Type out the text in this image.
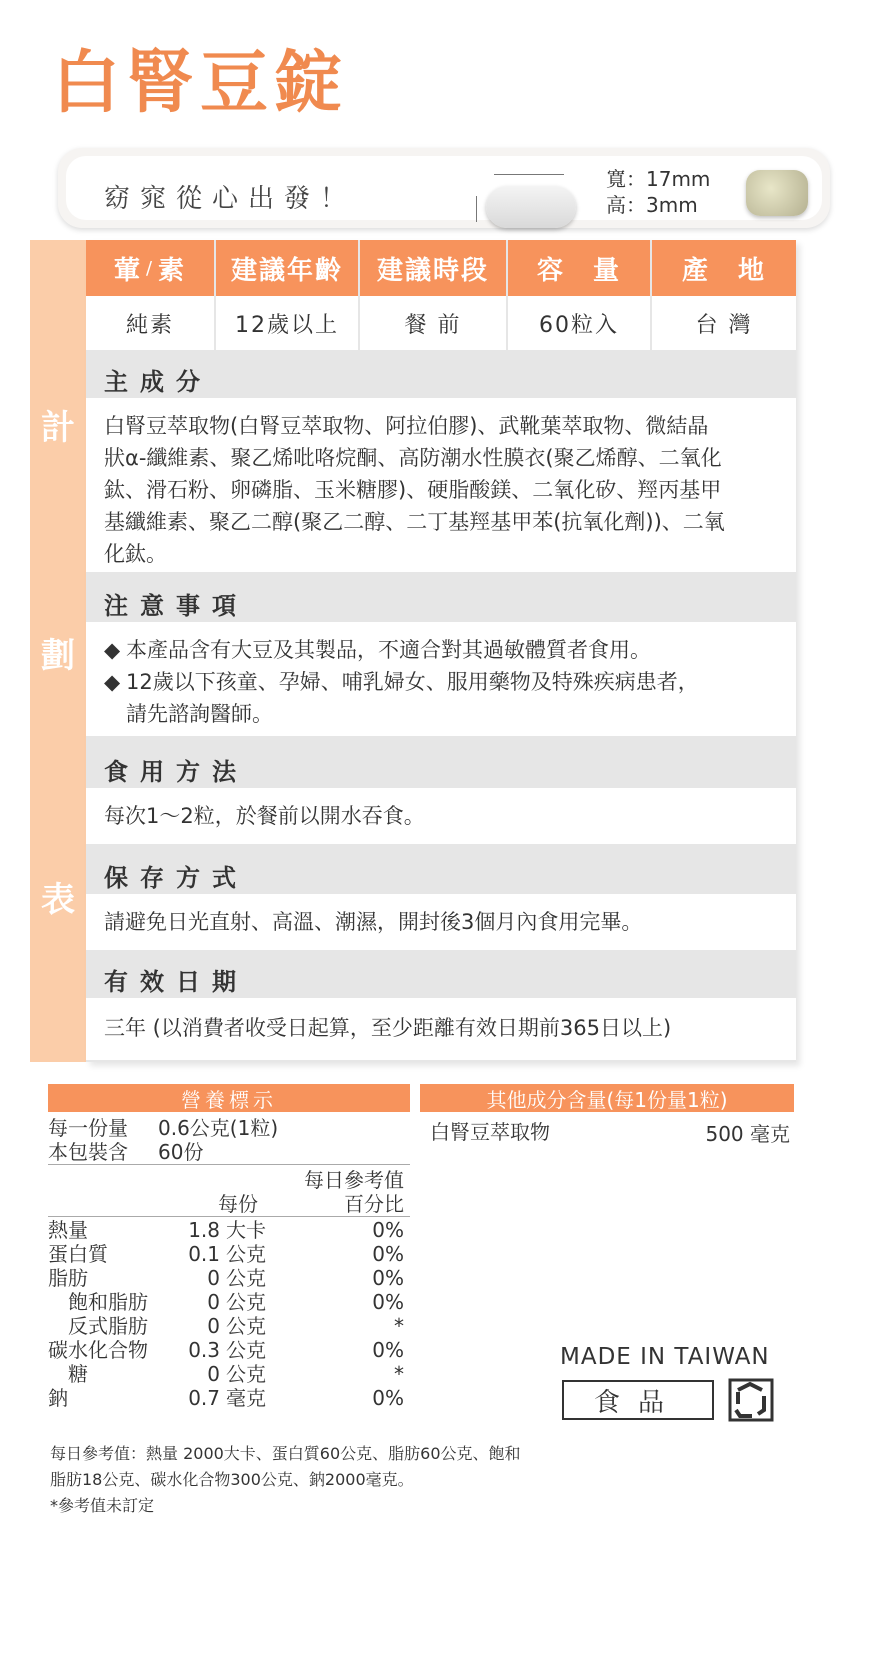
白腎豆錠
窈窕從心出發！
寬：17mm
高：3mm
計
劃
表
葷 / 素	建議年齡	建議時段	容　量	產　地
純素	12歲以上	餐 前	60粒入	台 灣
主成分
白腎豆萃取物(白腎豆萃取物、阿拉伯膠)、武靴葉萃取物、微結晶
狀α-纖維素、聚乙烯吡咯烷酮、高防潮水性膜衣(聚乙烯醇、二氧化
鈦、滑石粉、卵磷脂、玉米糖膠)、硬脂酸鎂、二氧化矽、羥丙基甲
基纖維素、聚乙二醇(聚乙二醇、二丁基羥基甲苯(抗氧化劑))、二氧
化鈦。
注意事項
◆ 本產品含有大豆及其製品，不適合對其過敏體質者食用。
◆ 12歲以下孩童、孕婦、哺乳婦女、服用藥物及特殊疾病患者，
請先諮詢醫師。
食用方法
每次1～2粒，於餐前以開水吞食。
保存方式
請避免日光直射、高溫、潮濕，開封後3個月內食用完畢。
有效日期
三年 (以消費者收受日起算，至少距離有效日期前365日以上)
營養標示
每一份量 0.6公克(1粒)
本包裝含 60份
每日參考值
百分比
每份
熱量	1.8 大卡	0%
蛋白質	0.1 公克	0%
脂肪	0 公克	0%
飽和脂肪	0 公克	0%
反式脂肪	0 公克	*
碳水化合物	0.3 公克	0%
糖	0 公克	*
鈉	0.7 毫克	0%
其他成分含量(每1份量1粒)
白腎豆萃取物	500 毫克
MADE IN TAIWAN
食品
每日參考值：熱量 2000大卡、蛋白質60公克、脂肪60公克、飽和
脂肪18公克、碳水化合物300公克、鈉2000毫克。
*參考值未訂定
